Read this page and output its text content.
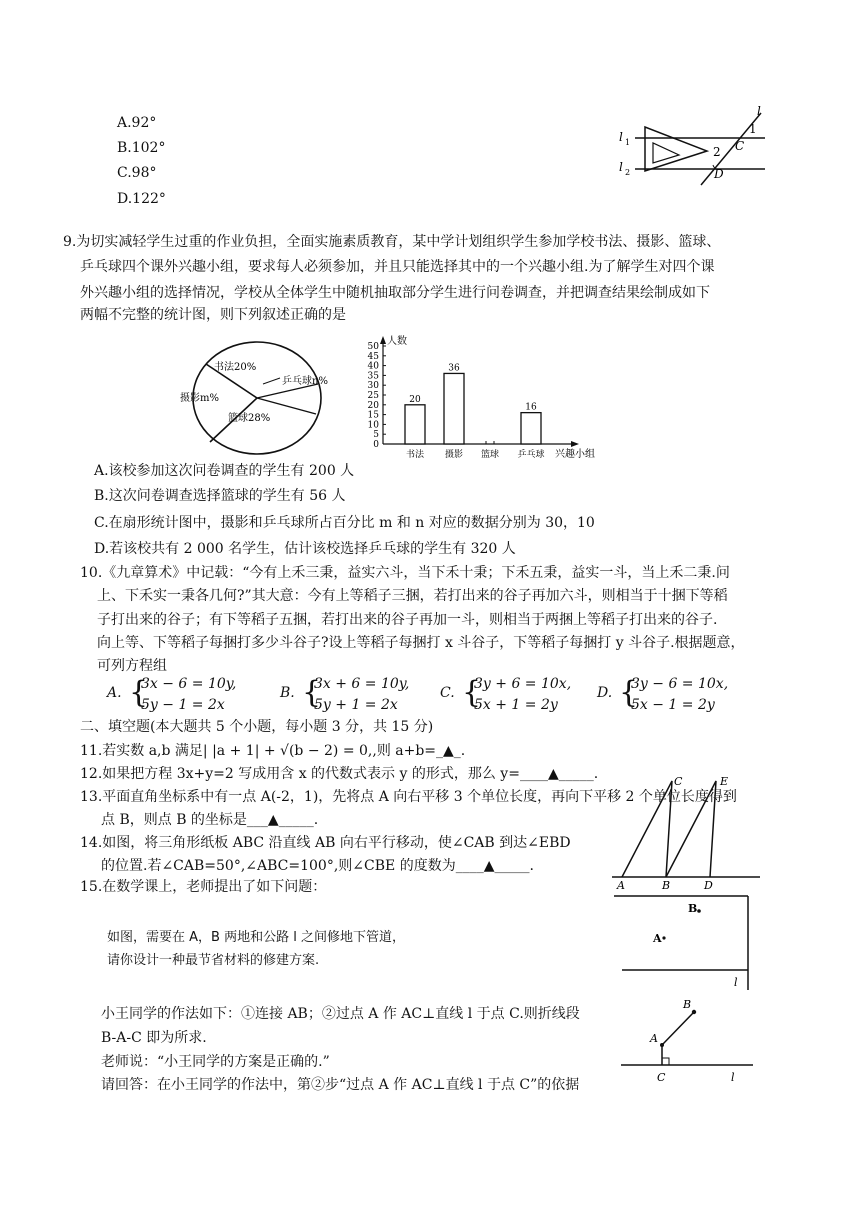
A.92°
B.102°
C.98°
D.122°
l
l 1
l 2
1
2 C
D
9.为切实减轻学生过重的作业负担，全面实施素质教育，某中学计划组织学生参加学校书法、摄影、篮球、
乒乓球四个课外兴趣小组，要求每人必须参加，并且只能选择其中的一个兴趣小组.为了解学生对四个课
外兴趣小组的选择情况，学校从全体学生中随机抽取部分学生进行问卷调查，并把调查结果绘制成如下
两幅不完整的统计图，则下列叙述正确的是
书法20%
摄影m%
乒乓球n%
篮球28%
人数
兴趣小组
0
5
10
15
20
25
30
35
40
45
50
20
书法
36
摄影 篮球
16
乒乓球
A.该校参加这次问卷调查的学生有 200 人
B.这次问卷调查选择篮球的学生有 56 人
C.在扇形统计图中，摄影和乒乓球所占百分比 m 和 n 对应的数据分别为 30，10
D.若该校共有 2 000 名学生，估计该校选择乒乓球的学生有 320 人
10.《九章算术》中记载：“今有上禾三秉，益实六斗，当下禾十秉；下禾五秉，益实一斗，当上禾二秉.问
上、下禾实一秉各几何?”其大意：今有上等稻子三捆，若打出来的谷子再加六斗，则相当于十捆下等稻
子打出来的谷子；有下等稻子五捆，若打出来的谷子再加一斗，则相当于两捆上等稻子打出来的谷子.
向上等、下等稻子每捆打多少斗谷子?设上等稻子每捆打 x 斗谷子，下等稻子每捆打 y 斗谷子.根据题意，
可列方程组
A. {
3x − 6 = 10y,
5y − 1 = 2x
B. {
3x + 6 = 10y,
5y + 1 = 2x
C. {
3y + 6 = 10x,
5x + 1 = 2y
D. {
3y − 6 = 10x,
5x − 1 = 2y
二、填空题(本大题共 5 个小题，每小题 3 分，共 15 分)
11.若实数 a,b 满足| |a + 1| + √(b − 2) = 0,,则 a+b=_▲_.
12.如果把方程 3x+y=2 写成用含 x 的代数式表示 y 的形式，那么 y=____▲_____.
13.平面直角坐标系中有一点 A(-2，1)，先将点 A 向右平移 3 个单位长度，再向下平移 2 个单位长度得到
点 B，则点 B 的坐标是___▲_____.
14.如图，将三角形纸板 ABC 沿直线 AB 向右平行移动，使∠CAB 到达∠EBD
的位置.若∠CAB=50°,∠ABC=100°,则∠CBE 的度数为____▲_____.
C	E
A	B	D
15.在数学课上，老师提出了如下问题：
如图，需要在 A，B 两地和公路 l 之间修地下管道，
请你设计一种最节省材料的修建方案.
B
A
l
小王同学的作法如下：①连接 AB；②过点 A 作 AC⊥直线 l 于点 C.则折线段
B-A-C 即为所求.
老师说：“小王同学的方案是正确的.”
请回答：在小王同学的作法中，第②步“过点 A 作 AC⊥直线 l 于点 C”的依据
B
A
C	l
